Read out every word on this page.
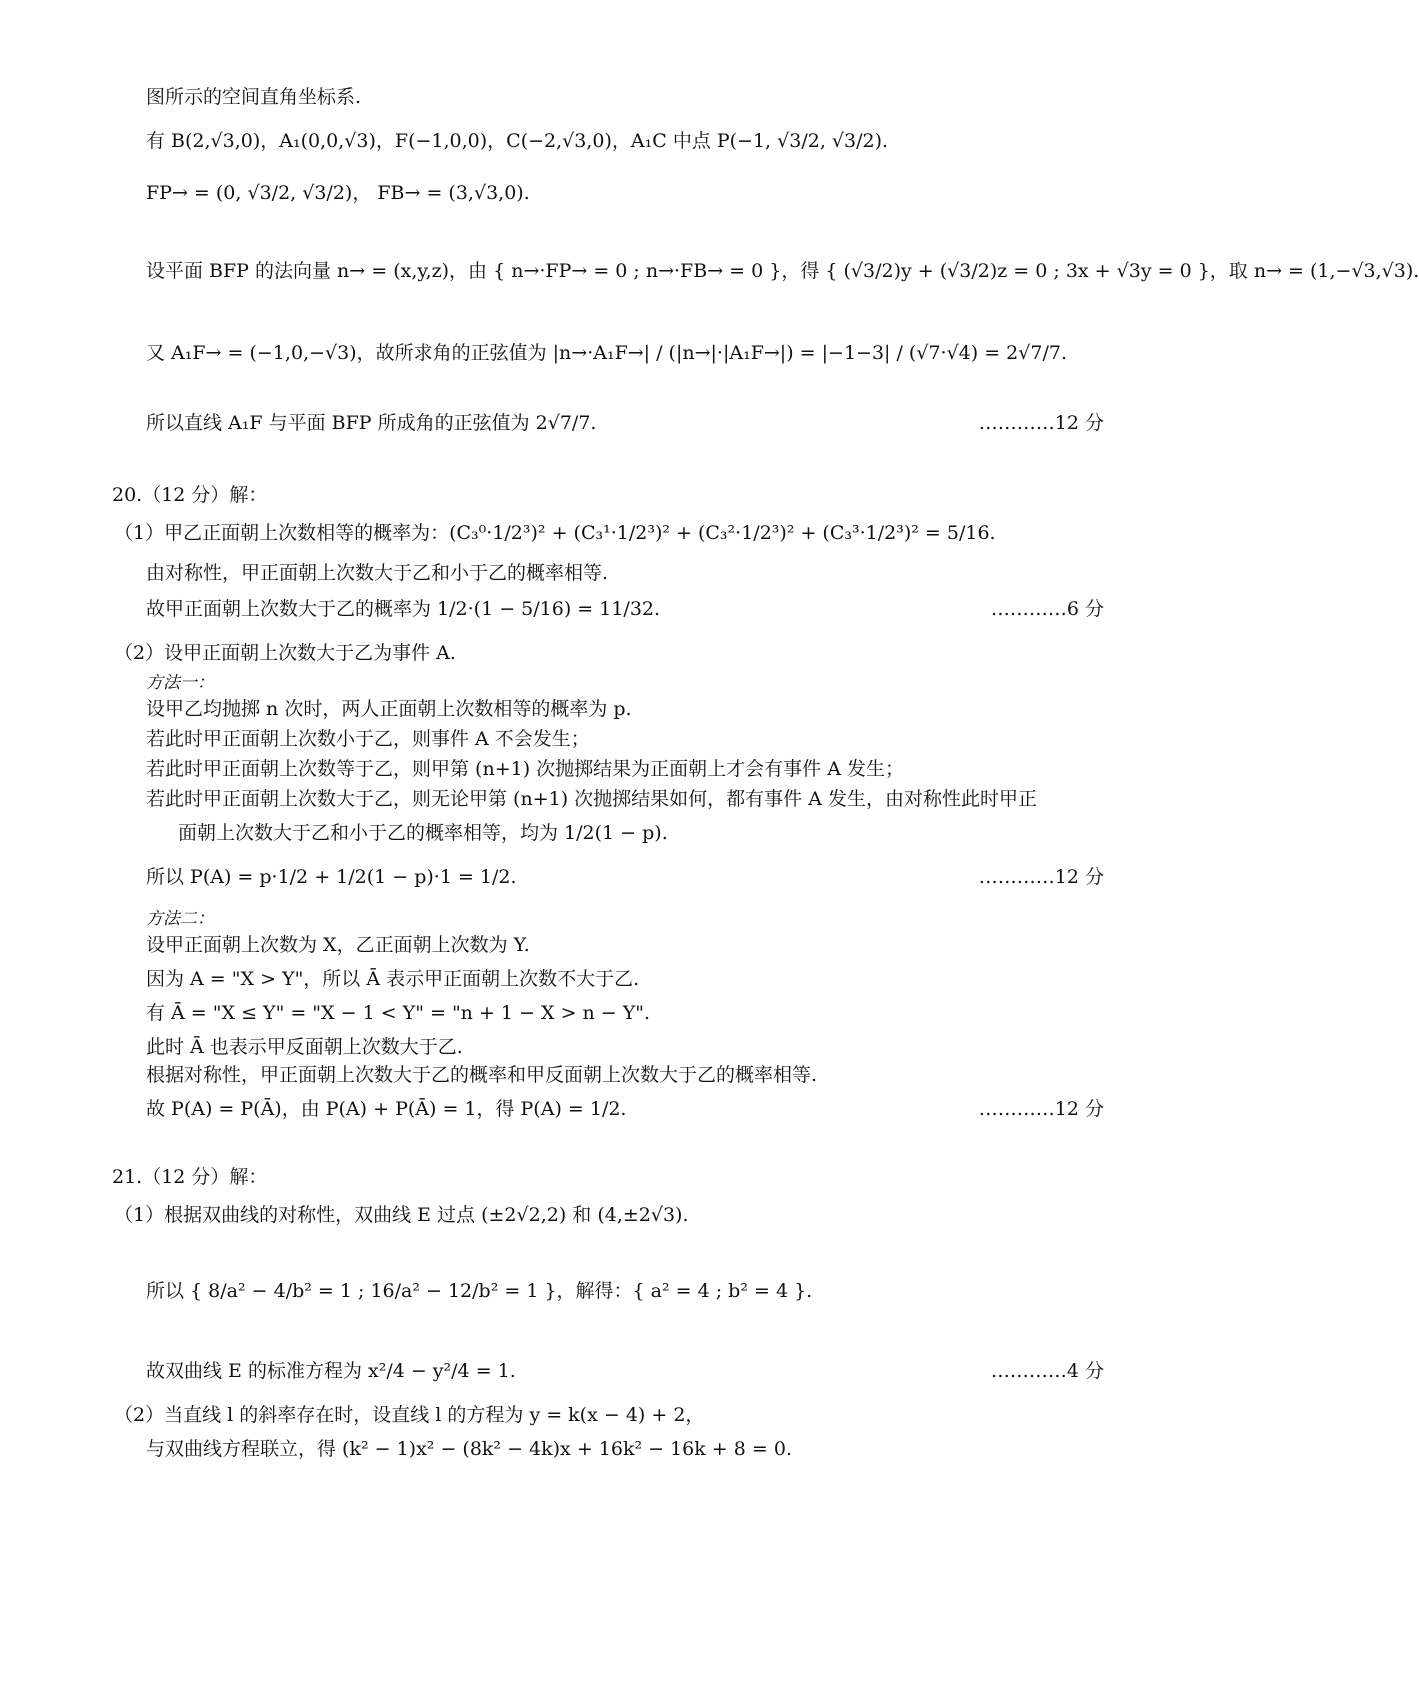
图所示的空间直角坐标系.
有 B(2,√3,0)，A₁(0,0,√3)，F(−1,0,0)，C(−2,√3,0)，A₁C 中点 P(−1, √3/2, √3/2).
FP→ = (0, √3/2, √3/2)， FB→ = (3,√3,0).
设平面 BFP 的法向量 n→ = (x,y,z)，由 { n→·FP→ = 0 ; n→·FB→ = 0 }，得 { (√3/2)y + (√3/2)z = 0 ; 3x + √3y = 0 }，取 n→ = (1,−√3,√3).
又 A₁F→ = (−1,0,−√3)，故所求角的正弦值为 |n→·A₁F→| / (|n→|·|A₁F→|) = |−1−3| / (√7·√4) = 2√7/7.
所以直线 A₁F 与平面 BFP 所成角的正弦值为 2√7/7.	…………12 分
20.（12 分）解：
（1）甲乙正面朝上次数相等的概率为：(C₃⁰·1/2³)² + (C₃¹·1/2³)² + (C₃²·1/2³)² + (C₃³·1/2³)² = 5/16.
由对称性，甲正面朝上次数大于乙和小于乙的概率相等.
故甲正面朝上次数大于乙的概率为 1/2·(1 − 5/16) = 11/32.	…………6 分
（2）设甲正面朝上次数大于乙为事件 A.
方法一：
设甲乙均抛掷 n 次时，两人正面朝上次数相等的概率为 p.
若此时甲正面朝上次数小于乙，则事件 A 不会发生；
若此时甲正面朝上次数等于乙，则甲第 (n+1) 次抛掷结果为正面朝上才会有事件 A 发生；
若此时甲正面朝上次数大于乙，则无论甲第 (n+1) 次抛掷结果如何，都有事件 A 发生，由对称性此时甲正
面朝上次数大于乙和小于乙的概率相等，均为 1/2(1 − p).
所以 P(A) = p·1/2 + 1/2(1 − p)·1 = 1/2.	…………12 分
方法二：
设甲正面朝上次数为 X，乙正面朝上次数为 Y.
因为 A = "X > Y"，所以 Ā 表示甲正面朝上次数不大于乙.
有 Ā = "X ≤ Y" = "X − 1 < Y" = "n + 1 − X > n − Y".
此时 Ā 也表示甲反面朝上次数大于乙.
根据对称性，甲正面朝上次数大于乙的概率和甲反面朝上次数大于乙的概率相等.
故 P(A) = P(Ā)，由 P(A) + P(Ā) = 1，得 P(A) = 1/2.	…………12 分
21.（12 分）解：
（1）根据双曲线的对称性，双曲线 E 过点 (±2√2,2) 和 (4,±2√3).
所以 { 8/a² − 4/b² = 1 ; 16/a² − 12/b² = 1 }，解得：{ a² = 4 ; b² = 4 }.
故双曲线 E 的标准方程为 x²/4 − y²/4 = 1.	…………4 分
（2）当直线 l 的斜率存在时，设直线 l 的方程为 y = k(x − 4) + 2，
与双曲线方程联立，得 (k² − 1)x² − (8k² − 4k)x + 16k² − 16k + 8 = 0.
